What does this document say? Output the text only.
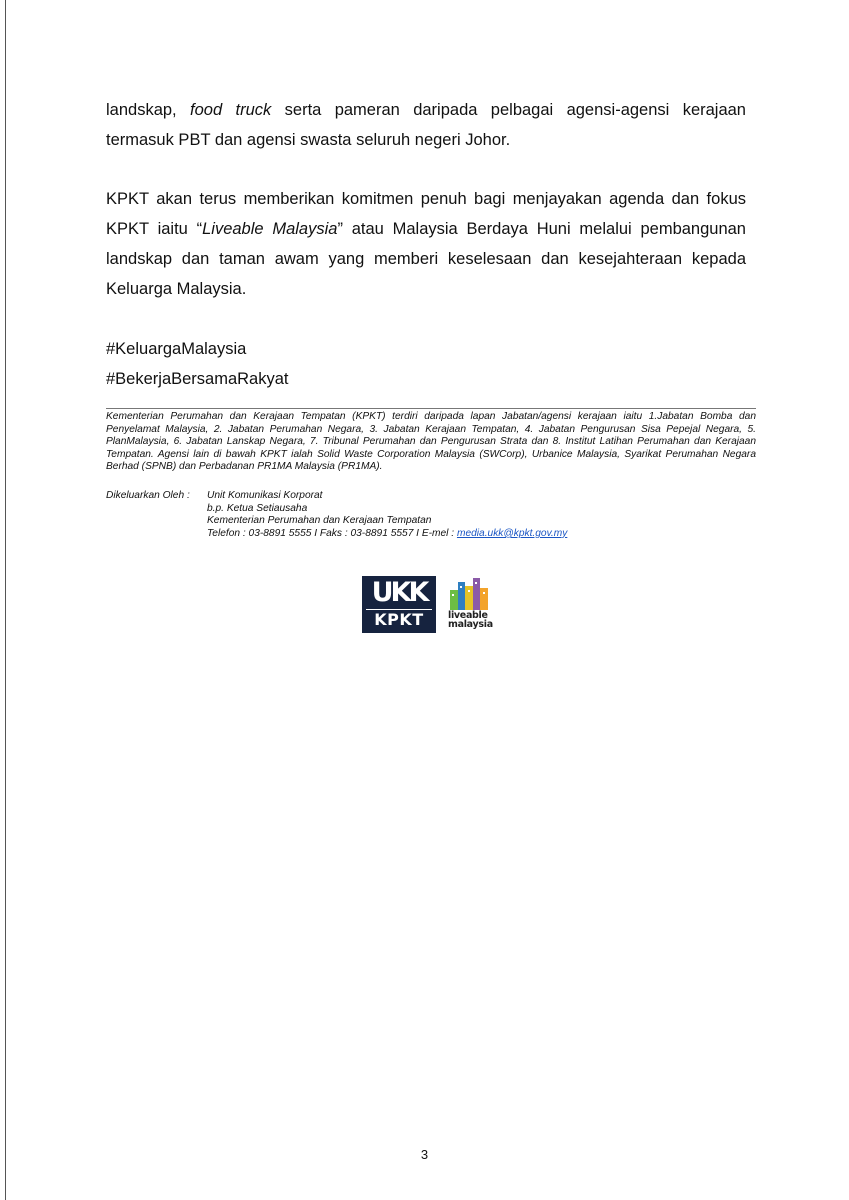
landskap, food truck serta pameran daripada pelbagai agensi-agensi kerajaan termasuk PBT dan agensi swasta seluruh negeri Johor.

KPKT akan terus memberikan komitmen penuh bagi menjayakan agenda dan fokus KPKT iaitu “Liveable Malaysia” atau Malaysia Berdaya Huni melalui pembangunan landskap dan taman awam yang memberi keselesaan dan kesejahteraan kepada Keluarga Malaysia.

#KeluargaMalaysia
#BekerjaBersamaRakyat
Kementerian Perumahan dan Kerajaan Tempatan (KPKT) terdiri daripada lapan Jabatan/agensi kerajaan iaitu 1.Jabatan Bomba dan Penyelamat Malaysia, 2. Jabatan Perumahan Negara, 3. Jabatan Kerajaan Tempatan, 4. Jabatan Pengurusan Sisa Pepejal Negara, 5. PlanMalaysia, 6. Jabatan Lanskap Negara, 7. Tribunal Perumahan dan Pengurusan Strata dan 8. Institut Latihan Perumahan dan Kerajaan Tempatan. Agensi lain di bawah KPKT ialah Solid Waste Corporation Malaysia (SWCorp), Urbanice Malaysia, Syarikat Perumahan Negara Berhad (SPNB) dan Perbadanan PR1MA Malaysia (PR1MA).
Dikeluarkan Oleh : Unit Komunikasi Korporat
b.p. Ketua Setiausaha
Kementerian Perumahan dan Kerajaan Tempatan
Telefon : 03-8891 5555 I Faks : 03-8891 5557 I E-mel : media.ukk@kpkt.gov.my
UKK
KPKT	liveable
malaysia
3
